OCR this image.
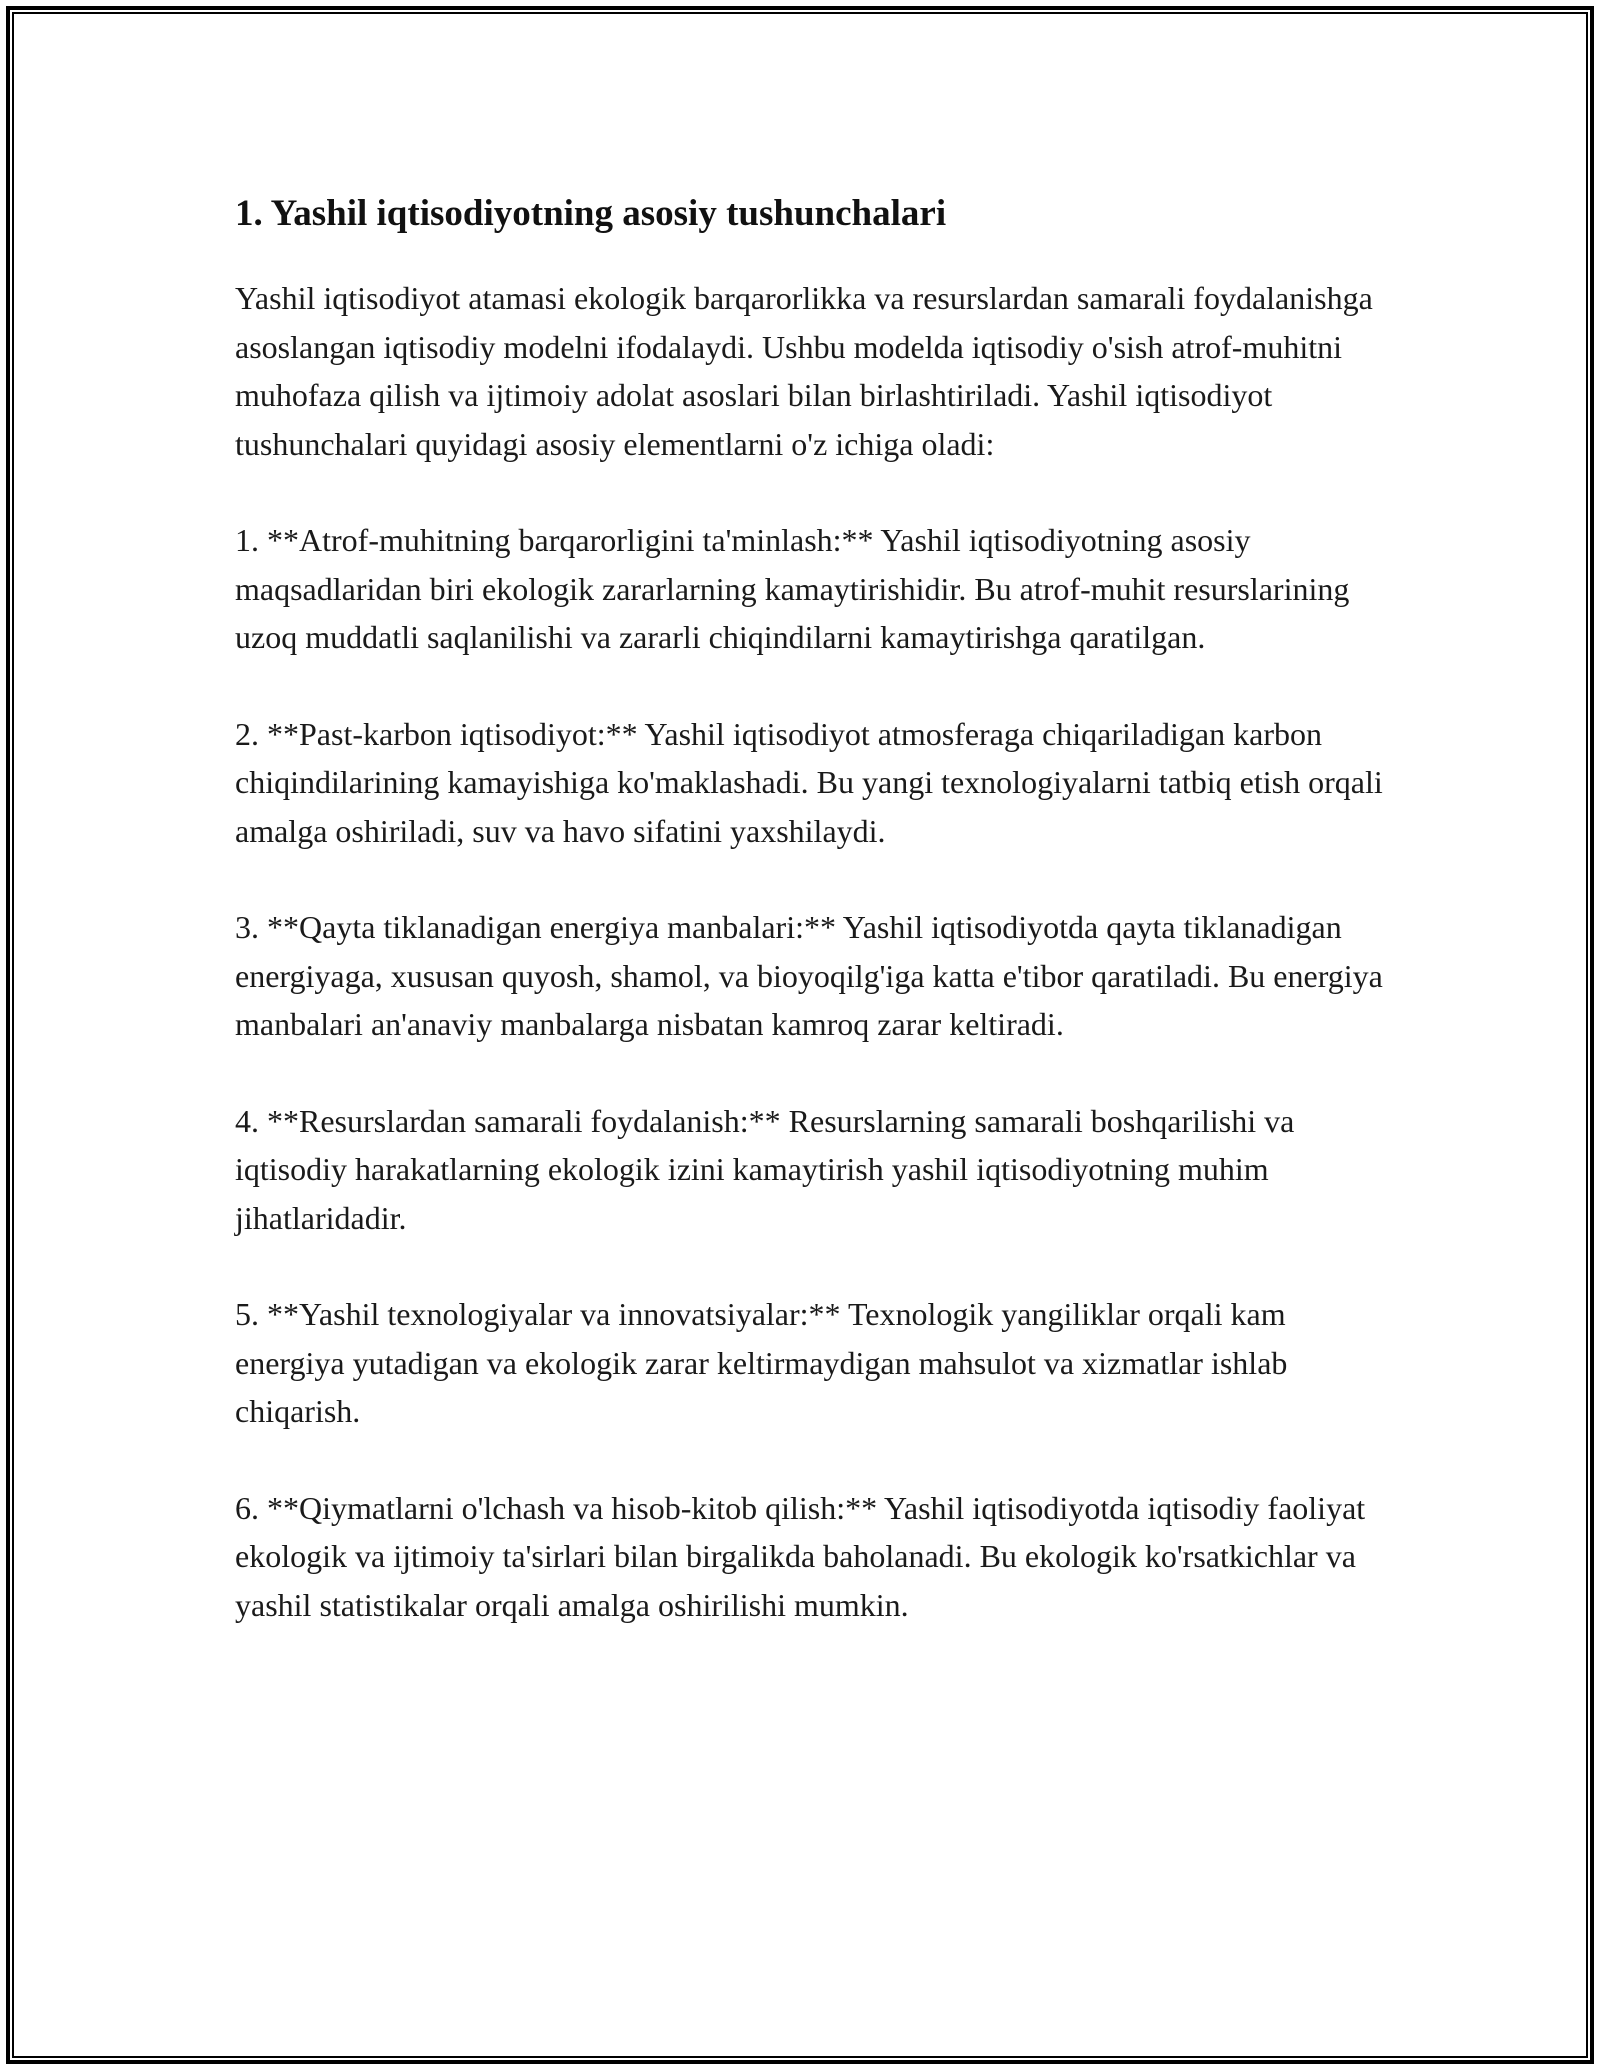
1. Yashil iqtisodiyotning asosiy tushunchalari

Yashil iqtisodiyot atamasi ekologik barqarorlikka va resurslardan samarali foydalanishga asoslangan iqtisodiy modelni ifodalaydi. Ushbu modelda iqtisodiy o'sish atrof-muhitni muhofaza qilish va ijtimoiy adolat asoslari bilan birlashtiriladi. Yashil iqtisodiyot tushunchalari quyidagi asosiy elementlarni o'z ichiga oladi:

1. **Atrof-muhitning barqarorligini ta'minlash:** Yashil iqtisodiyotning asosiy maqsadlaridan biri ekologik zararlarning kamaytirishidir. Bu atrof-muhit resurslarining uzoq muddatli saqlanilishi va zararli chiqindilarni kamaytirishga qaratilgan.

2. **Past-karbon iqtisodiyot:** Yashil iqtisodiyot atmosferaga chiqariladigan karbon chiqindilarining kamayishiga ko'maklashadi. Bu yangi texnologiyalarni tatbiq etish orqali amalga oshiriladi, suv va havo sifatini yaxshilaydi.

3. **Qayta tiklanadigan energiya manbalari:** Yashil iqtisodiyotda qayta tiklanadigan energiyaga, xususan quyosh, shamol, va bioyoqilg'iga katta e'tibor qaratiladi. Bu energiya manbalari an'anaviy manbalarga nisbatan kamroq zarar keltiradi.

4. **Resurslardan samarali foydalanish:** Resurslarning samarali boshqarilishi va iqtisodiy harakatlarning ekologik izini kamaytirish yashil iqtisodiyotning muhim jihatlaridadir.

5. **Yashil texnologiyalar va innovatsiyalar:** Texnologik yangiliklar orqali kam energiya yutadigan va ekologik zarar keltirmaydigan mahsulot va xizmatlar ishlab chiqarish.

6. **Qiymatlarni o'lchash va hisob-kitob qilish:** Yashil iqtisodiyotda iqtisodiy faoliyat ekologik va ijtimoiy ta'sirlari bilan birgalikda baholanadi. Bu ekologik ko'rsatkichlar va yashil statistikalar orqali amalga oshirilishi mumkin.
